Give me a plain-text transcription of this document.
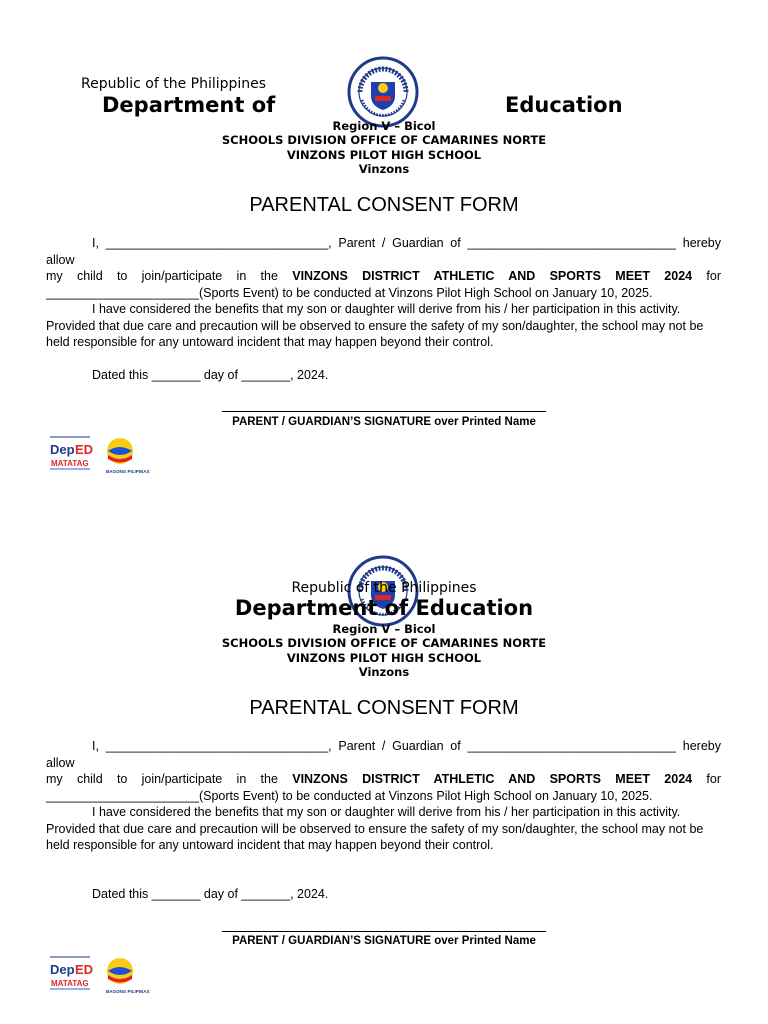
Republic of the Philippines
Department of	Education
Region V – Bicol
SCHOOLS DIVISION OFFICE OF CAMARINES NORTE
VINZONS PILOT HIGH SCHOOL
Vinzons
PARENTAL CONSENT FORM
I, ________________________________, Parent / Guardian of ______________________________ hereby allow
my child to join/participate in the VINZONS DISTRICT ATHLETIC AND SPORTS MEET 2024 for
______________________(Sports Event) to be conducted at Vinzons Pilot High School on January 10, 2025.
I have considered the benefits that my son or daughter will derive from his / her participation in this activity. Provided that due care and precaution will be observed to ensure the safety of my son/daughter, the school may not be held responsible for any untoward incident that may happen beyond their control.
Dated this _______ day of _______, 2024.
PARENT / GUARDIAN’S SIGNATURE over Printed Name
Dep ED
MATATAG
BAGONG PILIPINAS
Republic of the Philippines
Department of Education
Region V – Bicol
SCHOOLS DIVISION OFFICE OF CAMARINES NORTE
VINZONS PILOT HIGH SCHOOL
Vinzons
PARENTAL CONSENT FORM
I, ________________________________, Parent / Guardian of ______________________________ hereby allow
my child to join/participate in the VINZONS DISTRICT ATHLETIC AND SPORTS MEET 2024 for
______________________(Sports Event) to be conducted at Vinzons Pilot High School on January 10, 2025.
I have considered the benefits that my son or daughter will derive from his / her participation in this activity. Provided that due care and precaution will be observed to ensure the safety of my son/daughter, the school may not be held responsible for any untoward incident that may happen beyond their control.
Dated this _______ day of _______, 2024.
PARENT / GUARDIAN’S SIGNATURE over Printed Name
Dep ED
MATATAG
BAGONG PILIPINAS
